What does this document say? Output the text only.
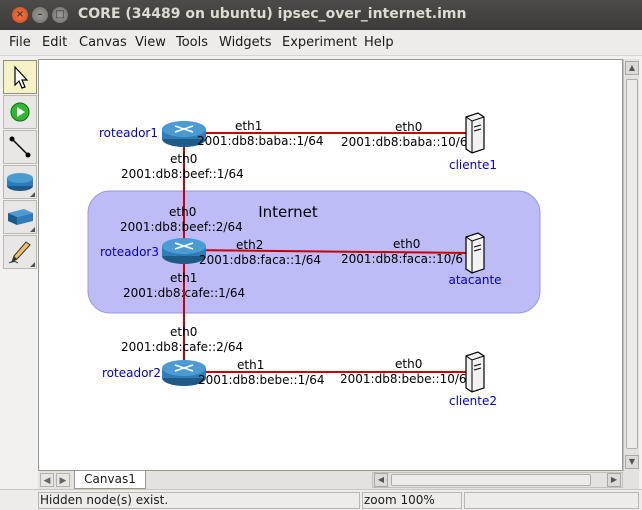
×	–	□ CORE (34489 on ubuntu) ipsec_over_internet.imn
File Edit Canvas View Tools Widgets Experiment Help
Internet
roteador1
roteador3
roteador2
cliente1
atacante
cliente2
eth1
2001:db8:baba::1/64
eth0
2001:db8:baba::10/6
eth0
2001:db8:beef::1/64
eth0
2001:db8:beef::2/64
eth2
2001:db8:faca::1/64
eth0
2001:db8:faca::10/6
eth1
2001:db8:cafe::1/64
eth0
2001:db8:cafe::2/64
eth1
2001:db8:bebe::1/64
eth0
2001:db8:bebe::10/6
▲
▼
◀	▶	Canvas1	◀	▶
Hidden node(s) exist.	zoom 100%
